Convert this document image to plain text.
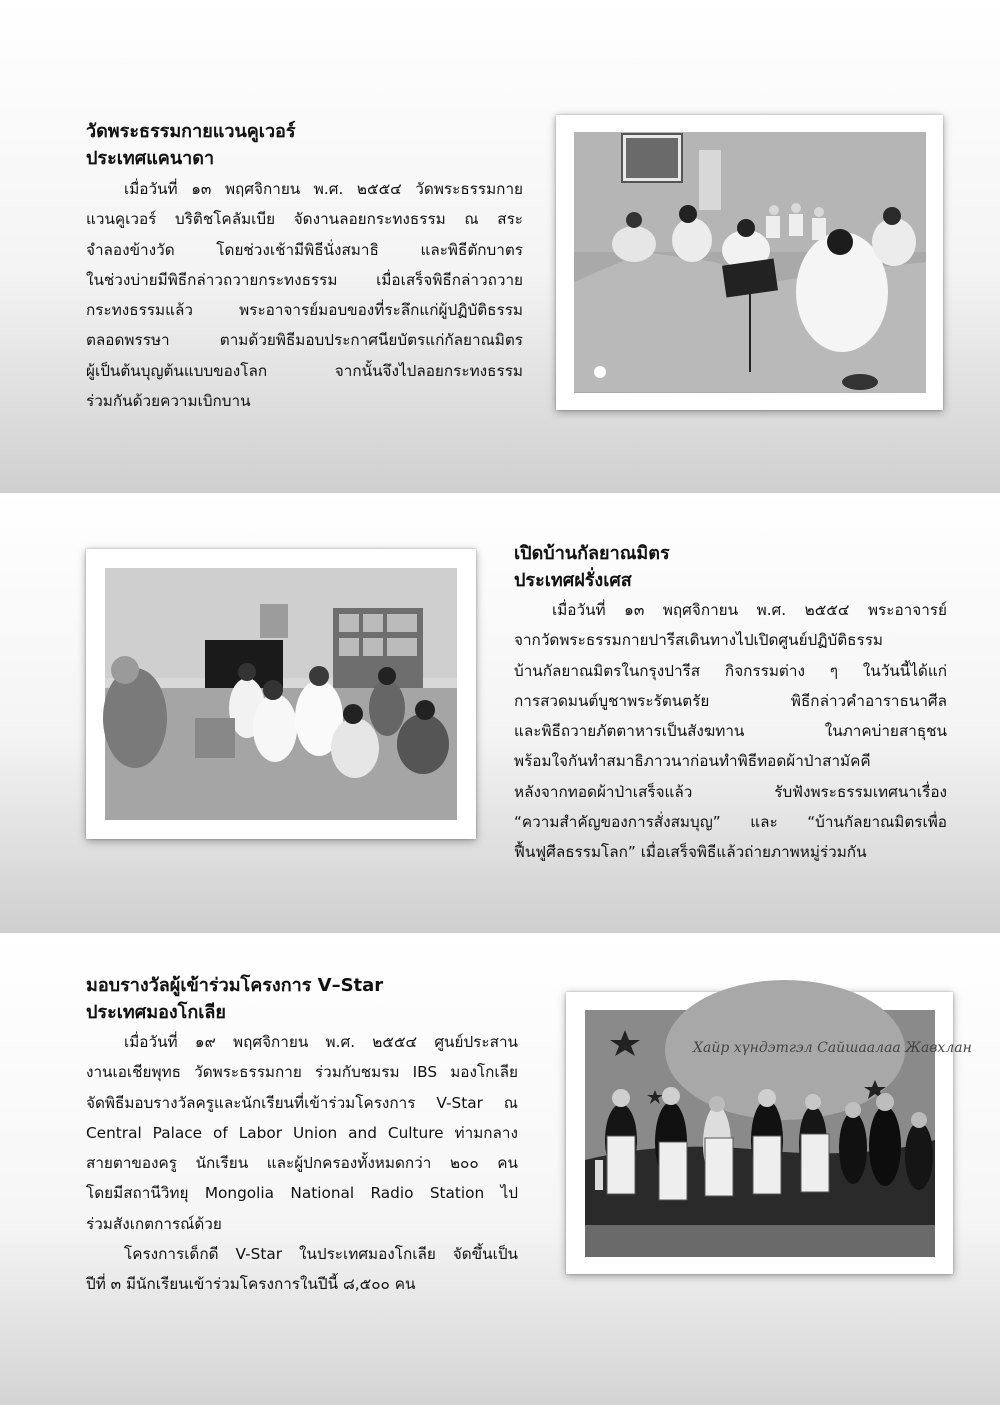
วัดพระธรรมกายแวนคูเวอร์

ประเทศแคนาดา

เมื่อวันที่ ๑๓ พฤศจิกายน พ.ศ. ๒๕๕๔ วัดพระธรรมกาย
แวนคูเวอร์ บริติชโคลัมเบีย จัดงานลอยกระทงธรรม ณ สระ
จำลองข้างวัด โดยช่วงเช้ามีพิธีนั่งสมาธิ และพิธีตักบาตร
ในช่วงบ่ายมีพิธีกล่าวถวายกระทงธรรม เมื่อเสร็จพิธีกล่าวถวาย
กระทงธรรมแล้ว พระอาจารย์มอบของที่ระลึกแก่ผู้ปฏิบัติธรรม
ตลอดพรรษา ตามด้วยพิธีมอบประกาศนียบัตรแก่กัลยาณมิตร
ผู้เป็นต้นบุญต้นแบบของโลก จากนั้นจึงไปลอยกระทงธรรม
ร่วมกันด้วยความเบิกบาน

เปิดบ้านกัลยาณมิตร

ประเทศฝรั่งเศส

เมื่อวันที่ ๑๓ พฤศจิกายน พ.ศ. ๒๕๕๔ พระอาจารย์
จากวัดพระธรรมกายปารีสเดินทางไปเปิดศูนย์ปฏิบัติธรรม
บ้านกัลยาณมิตรในกรุงปารีส กิจกรรมต่าง ๆ ในวันนี้ได้แก่
การสวดมนต์บูชาพระรัตนตรัย พิธีกล่าวคำอาราธนาศีล
และพิธีถวายภัตตาหารเป็นสังฆทาน ในภาคบ่ายสาธุชน
พร้อมใจกันทำสมาธิภาวนาก่อนทำพิธีทอดผ้าป่าสามัคคี
หลังจากทอดผ้าป่าเสร็จแล้ว รับฟังพระธรรมเทศนาเรื่อง
“ความสำคัญของการสั่งสมบุญ” และ “บ้านกัลยาณมิตรเพื่อ
ฟื้นฟูศีลธรรมโลก” เมื่อเสร็จพิธีแล้วถ่ายภาพหมู่ร่วมกัน

มอบรางวัลผู้เข้าร่วมโครงการ V–Star

ประเทศมองโกเลีย

เมื่อวันที่ ๑๙ พฤศจิกายน พ.ศ. ๒๕๕๔ ศูนย์ประสาน
งานเอเชียพุทธ วัดพระธรรมกาย ร่วมกับชมรม IBS มองโกเลีย
จัดพิธีมอบรางวัลครูและนักเรียนที่เข้าร่วมโครงการ V-Star ณ
Central Palace of Labor Union and Culture ท่ามกลาง
สายตาของครู นักเรียน และผู้ปกครองทั้งหมดกว่า ๒๐๐ คน
โดยมีสถานีวิทยุ Mongolia National Radio Station ไป
ร่วมสังเกตการณ์ด้วย
โครงการเด็กดี V-Star ในประเทศมองโกเลีย จัดขึ้นเป็น
ปีที่ ๓ มีนักเรียนเข้าร่วมโครงการในปีนี้ ๘,๕๐๐ คน
Хайр хүндэтгэл Сайшаалаа Жавхлан
